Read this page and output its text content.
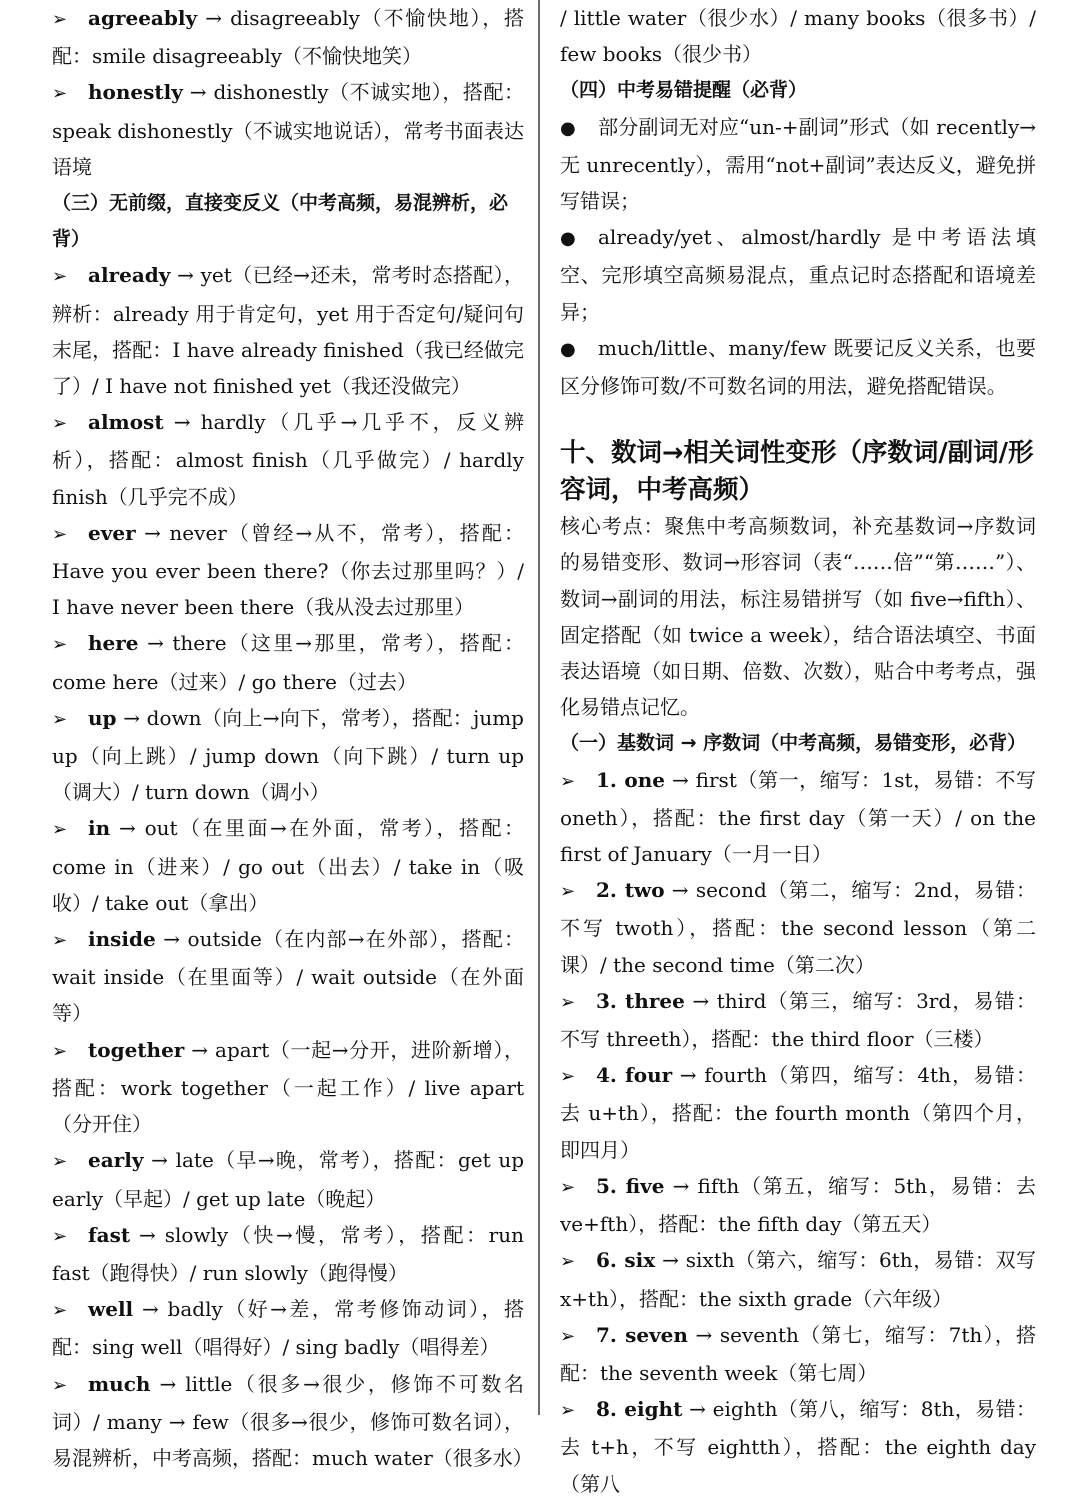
➢ agreeably → disagreeably（不愉快地），搭配：smile disagreeably（不愉快地笑）
➢ honestly → dishonestly（不诚实地），搭配：speak dishonestly（不诚实地说话），常考书面表达语境
（三）无前缀，直接变反义（中考高频，易混辨析，必背）
➢ already → yet（已经→还未，常考时态搭配），辨析：already 用于肯定句，yet 用于否定句/疑问句末尾，搭配：I have already finished（我已经做完了）/ I have not finished yet（我还没做完）
➢ almost → hardly（几乎→几乎不，反义辨析），搭配：almost finish（几乎做完）/ hardly finish（几乎完不成）
➢ ever → never（曾经→从不，常考），搭配：Have you ever been there?（你去过那里吗？）/ I have never been there（我从没去过那里）
➢ here → there（这里→那里，常考），搭配：come here（过来）/ go there（过去）
➢ up → down（向上→向下，常考），搭配：jump up（向上跳）/ jump down（向下跳）/ turn up（调大）/ turn down（调小）
➢ in → out（在里面→在外面，常考），搭配：come in（进来）/ go out（出去）/ take in（吸收）/ take out（拿出）
➢ inside → outside（在内部→在外部），搭配：wait inside（在里面等）/ wait outside（在外面等）
➢ together → apart（一起→分开，进阶新增），搭配：work together（一起工作）/ live apart（分开住）
➢ early → late（早→晚，常考），搭配：get up early（早起）/ get up late（晚起）
➢ fast → slowly（快→慢，常考），搭配：run fast（跑得快）/ run slowly（跑得慢）
➢ well → badly（好→差，常考修饰动词），搭配：sing well（唱得好）/ sing badly（唱得差）
➢ much → little（很多→很少，修饰不可数名词）/ many → few（很多→很少，修饰可数名词），易混辨析，中考高频，搭配：much water（很多水）
/ little water（很少水）/ many books（很多书）/ few books（很少书）
（四）中考易错提醒（必背）
● 部分副词无对应“un-+副词”形式（如 recently→无 unrecently），需用“not+副词”表达反义，避免拼写错误；
● already/yet、almost/hardly 是中考语法填空、完形填空高频易混点，重点记时态搭配和语境差异；
● much/little、many/few 既要记反义关系，也要区分修饰可数/不可数名词的用法，避免搭配错误。
十、数词→相关词性变形（序数词/副词/形容词，中考高频）
核心考点：聚焦中考高频数词，补充基数词→序数词的易错变形、数词→形容词（表“……倍”“第……”）、数词→副词的用法，标注易错拼写（如 five→fifth）、固定搭配（如 twice a week），结合语法填空、书面表达语境（如日期、倍数、次数），贴合中考考点，强化易错点记忆。
（一）基数词 → 序数词（中考高频，易错变形，必背）
➢ 1. one → first（第一，缩写：1st，易错：不写 oneth），搭配：the first day（第一天）/ on the first of January（一月一日）
➢ 2. two → second（第二，缩写：2nd，易错：不写 twoth），搭配：the second lesson（第二课）/ the second time（第二次）
➢ 3. three → third（第三，缩写：3rd，易错：不写 threeth），搭配：the third floor（三楼）
➢ 4. four → fourth（第四，缩写：4th，易错：去 u+th），搭配：the fourth month（第四个月，即四月）
➢ 5. five → fifth（第五，缩写：5th，易错：去 ve+fth），搭配：the fifth day（第五天）
➢ 6. six → sixth（第六，缩写：6th，易错：双写 x+th），搭配：the sixth grade（六年级）
➢ 7. seven → seventh（第七，缩写：7th），搭配：the seventh week（第七周）
➢ 8. eight → eighth（第八，缩写：8th，易错：去 t+h，不写 eightth），搭配：the eighth day（第八
